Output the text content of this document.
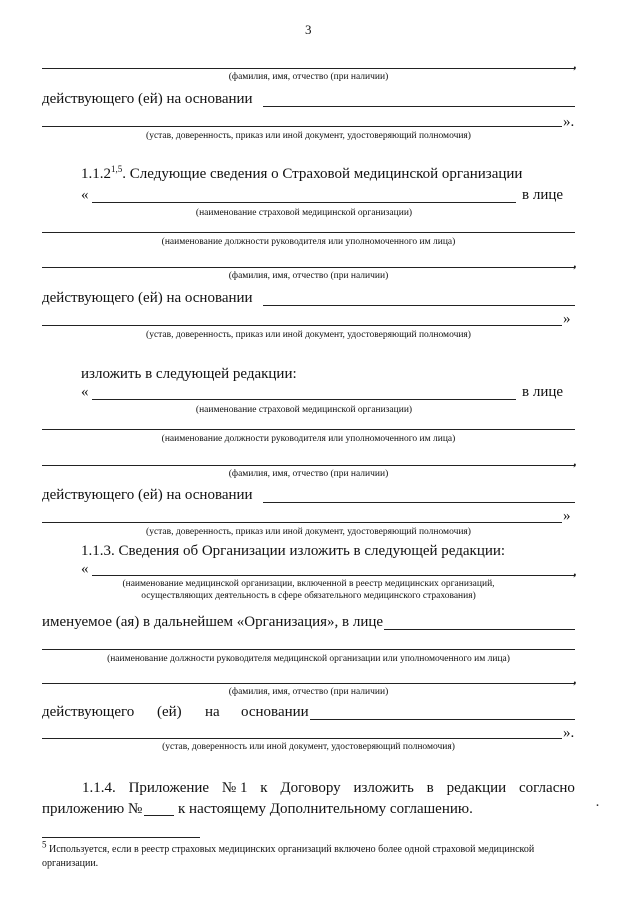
3
,
(фамилия, имя, отчество (при наличии)
действующего (ей) на основании
».
(устав, доверенность, приказ или иной документ, удостоверяющий полномочия)
1.1.2$^{1,5}$. Следующие сведения о Страховой медицинской организации
«	в лице
(наименование страховой медицинской организации)
(наименование должности руководителя или уполномоченного им лица)
,
(фамилия, имя, отчество (при наличии)
действующего (ей) на основании
»
(устав, доверенность, приказ или иной документ, удостоверяющий полномочия)
изложить в следующей редакции:
«	в лице
(наименование страховой медицинской организации)
(наименование должности руководителя или уполномоченного им лица)
,
(фамилия, имя, отчество (при наличии)
действующего (ей) на основании
»
(устав, доверенность, приказ или иной документ, удостоверяющий полномочия)
1.1.3. Сведения об Организации изложить в следующей редакции:
«	,
(наименование медицинской организации, включенной в реестр медицинских организаций,
осуществляющих деятельность в сфере обязательного медицинского страхования)
именуемое (ая) в дальнейшем «Организация», в лице
(наименование должности руководителя медицинской организации или уполномоченного им лица)
,
(фамилия, имя, отчество (при наличии)
действующего (ей) на основании
».
(устав, доверенность или иной документ, удостоверяющий полномочия)
1.1.4. Приложение № 1 к Договору изложить в редакции согласно
приложению № к настоящему Дополнительному соглашению.	·
5 Используется, если в реестр страховых медицинских организаций включено более одной страховой медицинской
организации.
